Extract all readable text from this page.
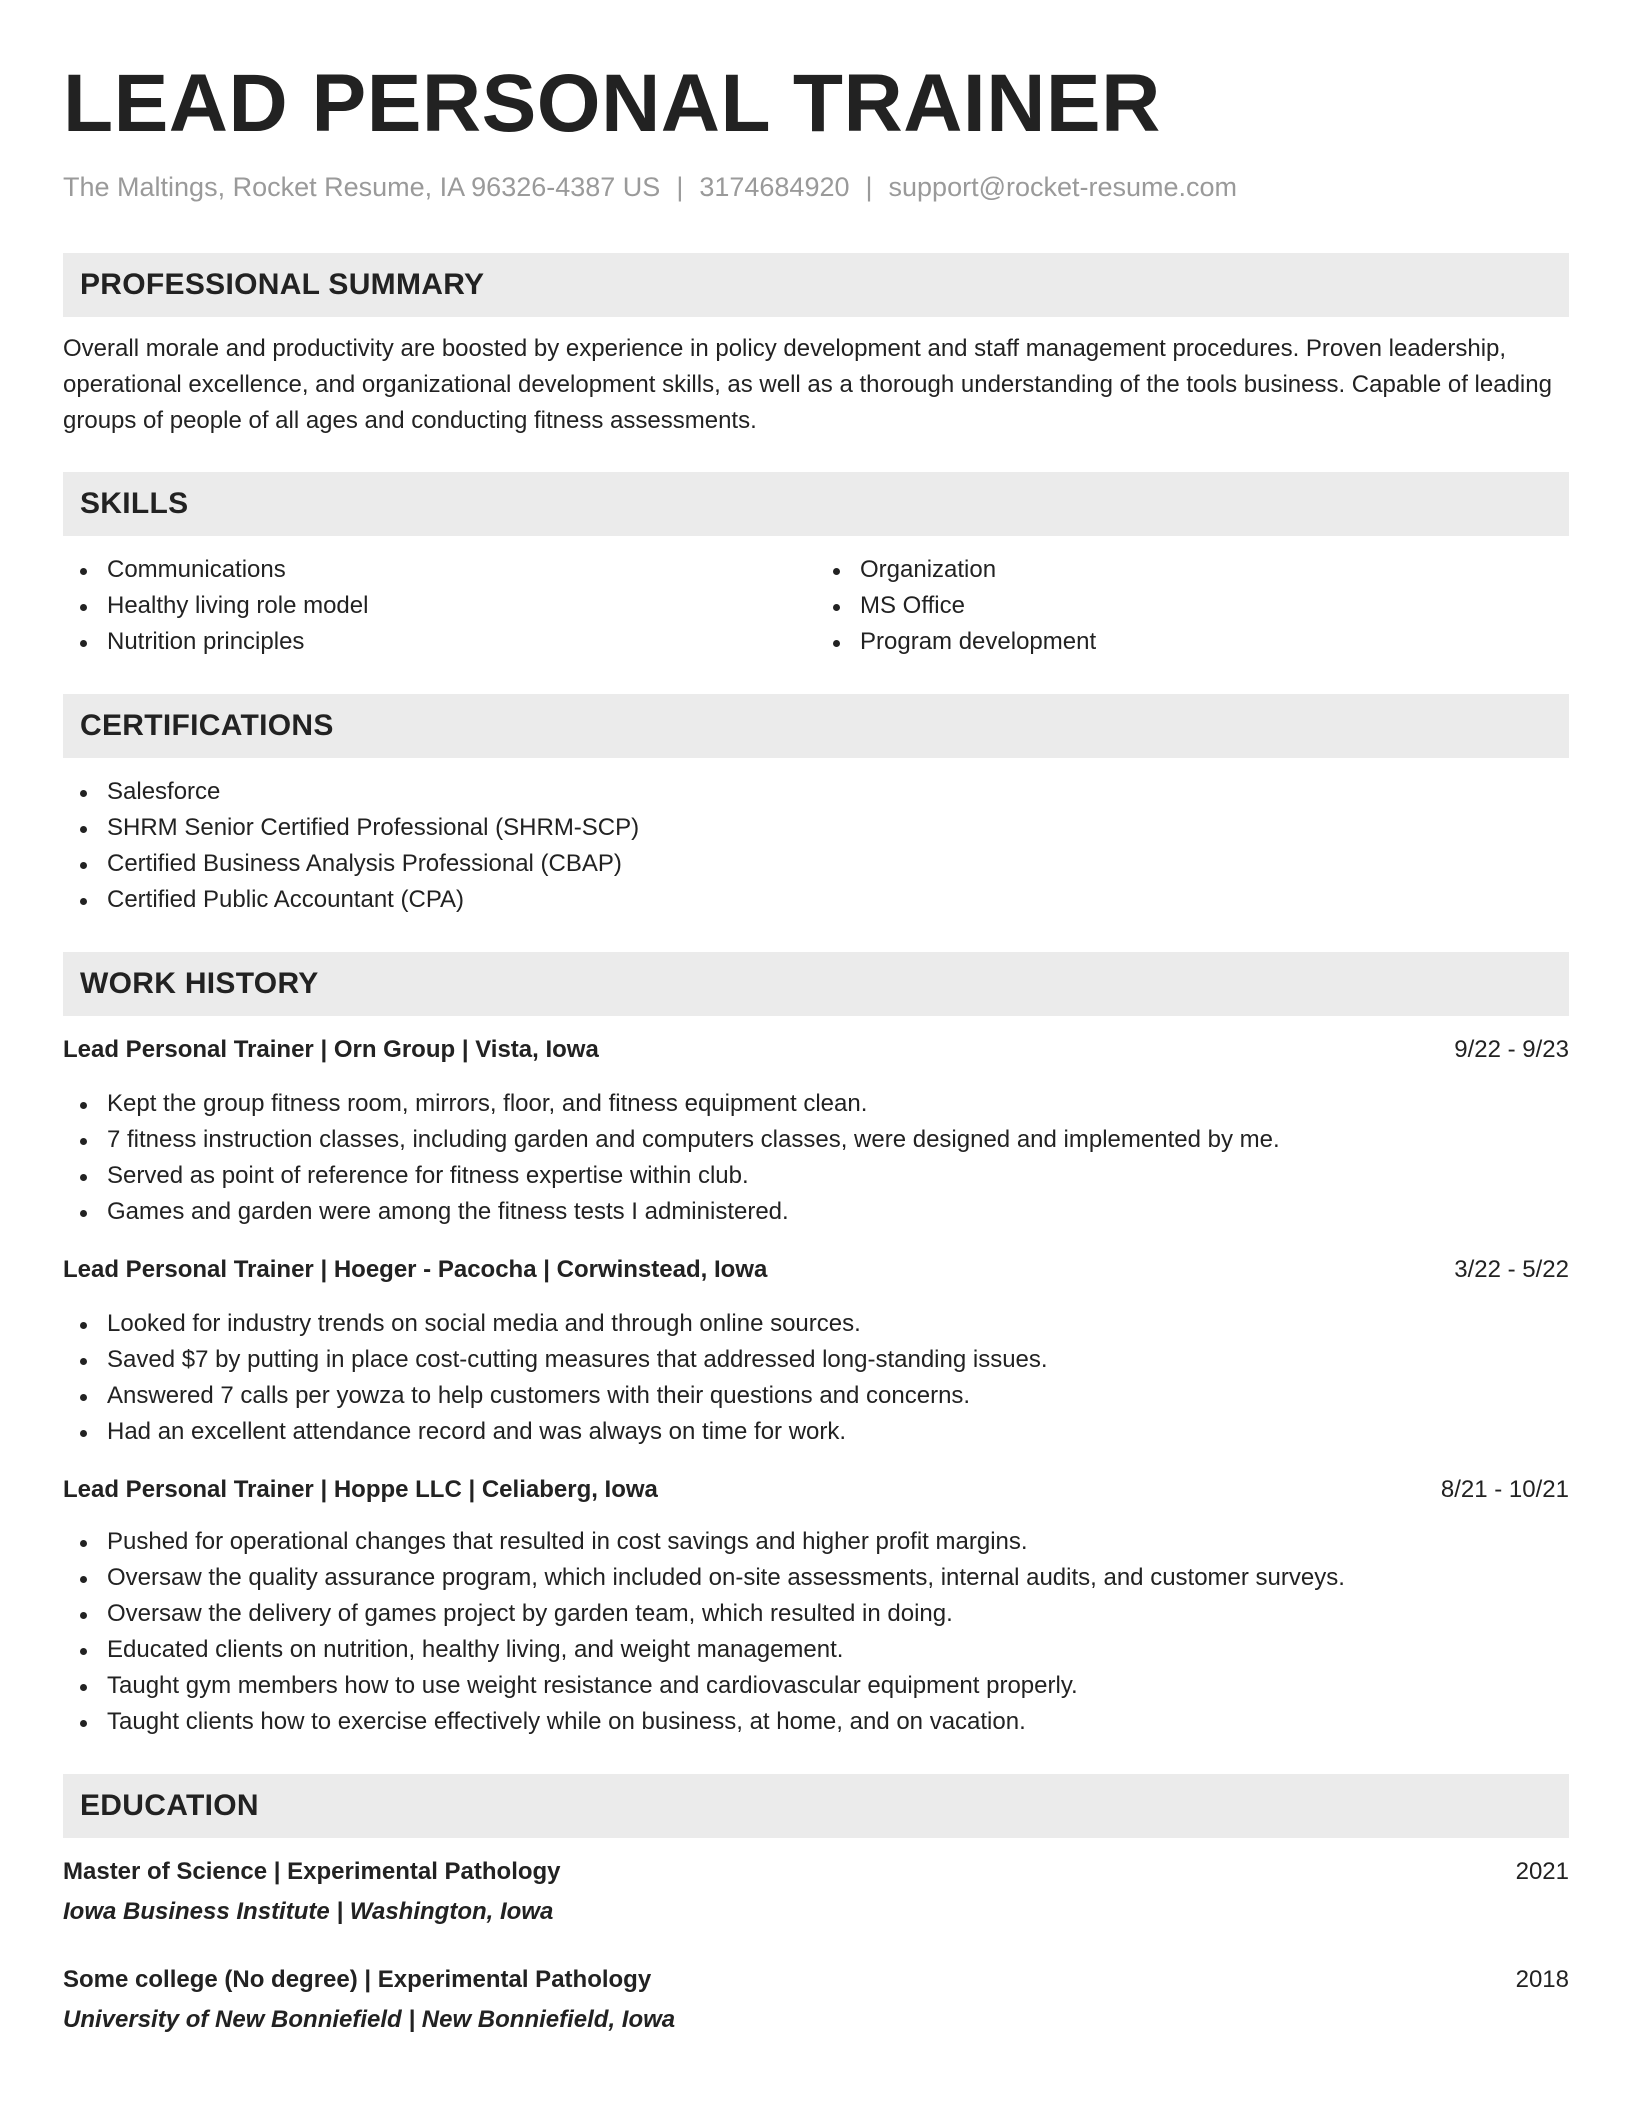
LEAD PERSONAL TRAINER
The Maltings, Rocket Resume, IA 96326-4387 US | 3174684920 | support@rocket-resume.com
PROFESSIONAL SUMMARY

Overall morale and productivity are boosted by experience in policy development and staff management procedures. Proven leadership, operational excellence, and organizational development skills, as well as a thorough understanding of the tools business. Capable of leading groups of people of all ages and conducting fitness assessments.

SKILLS
Communications
Healthy living role model
Nutrition principles
Organization
MS Office
Program development
CERTIFICATIONS
Salesforce
SHRM Senior Certified Professional (SHRM-SCP)
Certified Business Analysis Professional (CBAP)
Certified Public Accountant (CPA)
WORK HISTORY
Lead Personal Trainer | Orn Group | Vista, Iowa	9/22 - 9/23
Kept the group fitness room, mirrors, floor, and fitness equipment clean.
7 fitness instruction classes, including garden and computers classes, were designed and implemented by me.
Served as point of reference for fitness expertise within club.
Games and garden were among the fitness tests I administered.
Lead Personal Trainer | Hoeger - Pacocha | Corwinstead, Iowa	3/22 - 5/22
Looked for industry trends on social media and through online sources.
Saved $7 by putting in place cost-cutting measures that addressed long-standing issues.
Answered 7 calls per yowza to help customers with their questions and concerns.
Had an excellent attendance record and was always on time for work.
Lead Personal Trainer | Hoppe LLC | Celiaberg, Iowa	8/21 - 10/21
Pushed for operational changes that resulted in cost savings and higher profit margins.
Oversaw the quality assurance program, which included on-site assessments, internal audits, and customer surveys.
Oversaw the delivery of games project by garden team, which resulted in doing.
Educated clients on nutrition, healthy living, and weight management.
Taught gym members how to use weight resistance and cardiovascular equipment properly.
Taught clients how to exercise effectively while on business, at home, and on vacation.
EDUCATION
Master of Science | Experimental Pathology	2021
Iowa Business Institute | Washington, Iowa
Some college (No degree) | Experimental Pathology	2018
University of New Bonniefield | New Bonniefield, Iowa
